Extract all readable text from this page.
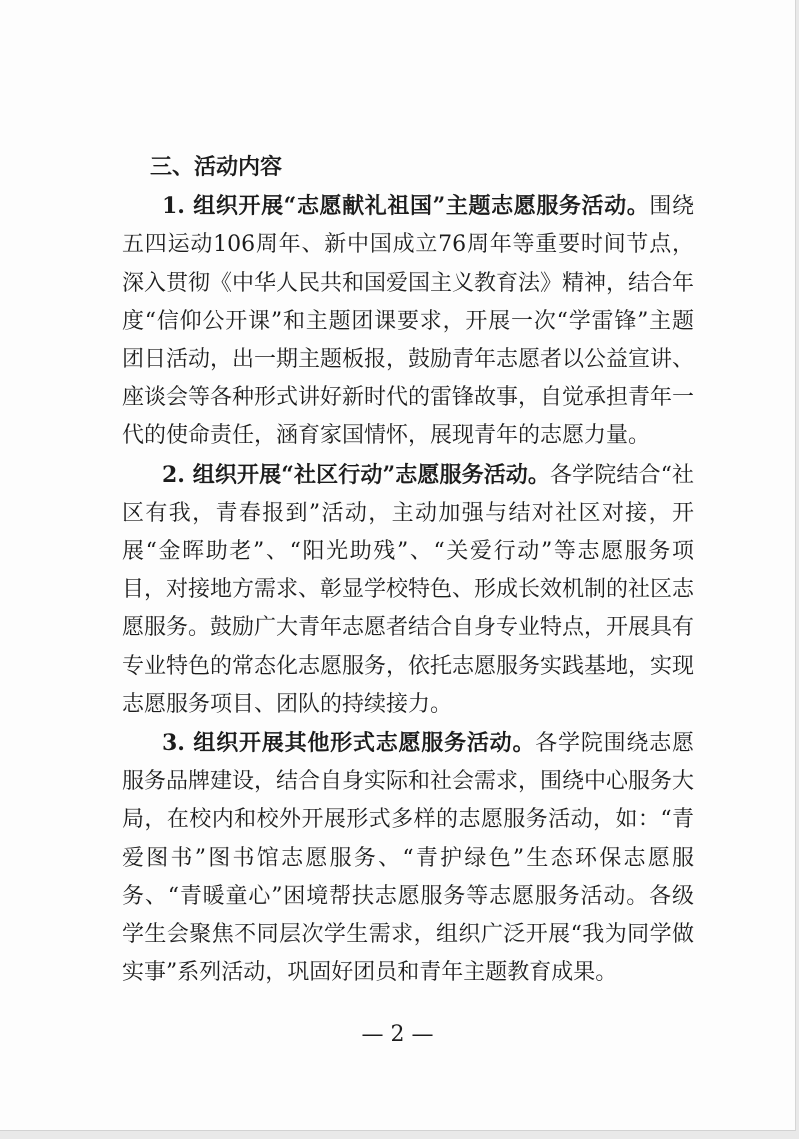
三、活动内容

1. 组织开展“志愿献礼祖国”主题志愿服务活动。围绕五四运动106周年、新中国成立76周年等重要时间节点，深入贯彻《中华人民共和国爱国主义教育法》精神，结合年度“信仰公开课”和主题团课要求，开展一次“学雷锋”主题团日活动，出一期主题板报，鼓励青年志愿者以公益宣讲、座谈会等各种形式讲好新时代的雷锋故事，自觉承担青年一代的使命责任，涵育家国情怀，展现青年的志愿力量。

2. 组织开展“社区行动”志愿服务活动。各学院结合“社区有我，青春报到”活动，主动加强与结对社区对接，开展“金晖助老”、“阳光助残”、“关爱行动”等志愿服务项目，对接地方需求、彰显学校特色、形成长效机制的社区志愿服务。鼓励广大青年志愿者结合自身专业特点，开展具有专业特色的常态化志愿服务，依托志愿服务实践基地，实现志愿服务项目、团队的持续接力。

3. 组织开展其他形式志愿服务活动。各学院围绕志愿服务品牌建设，结合自身实际和社会需求，围绕中心服务大局，在校内和校外开展形式多样的志愿服务活动，如：“青爱图书”图书馆志愿服务、“青护绿色”生态环保志愿服务、“青暖童心”困境帮扶志愿服务等志愿服务活动。各级学生会聚焦不同层次学生需求，组织广泛开展“我为同学做实事”系列活动，巩固好团员和青年主题教育成果。

— 2 —
